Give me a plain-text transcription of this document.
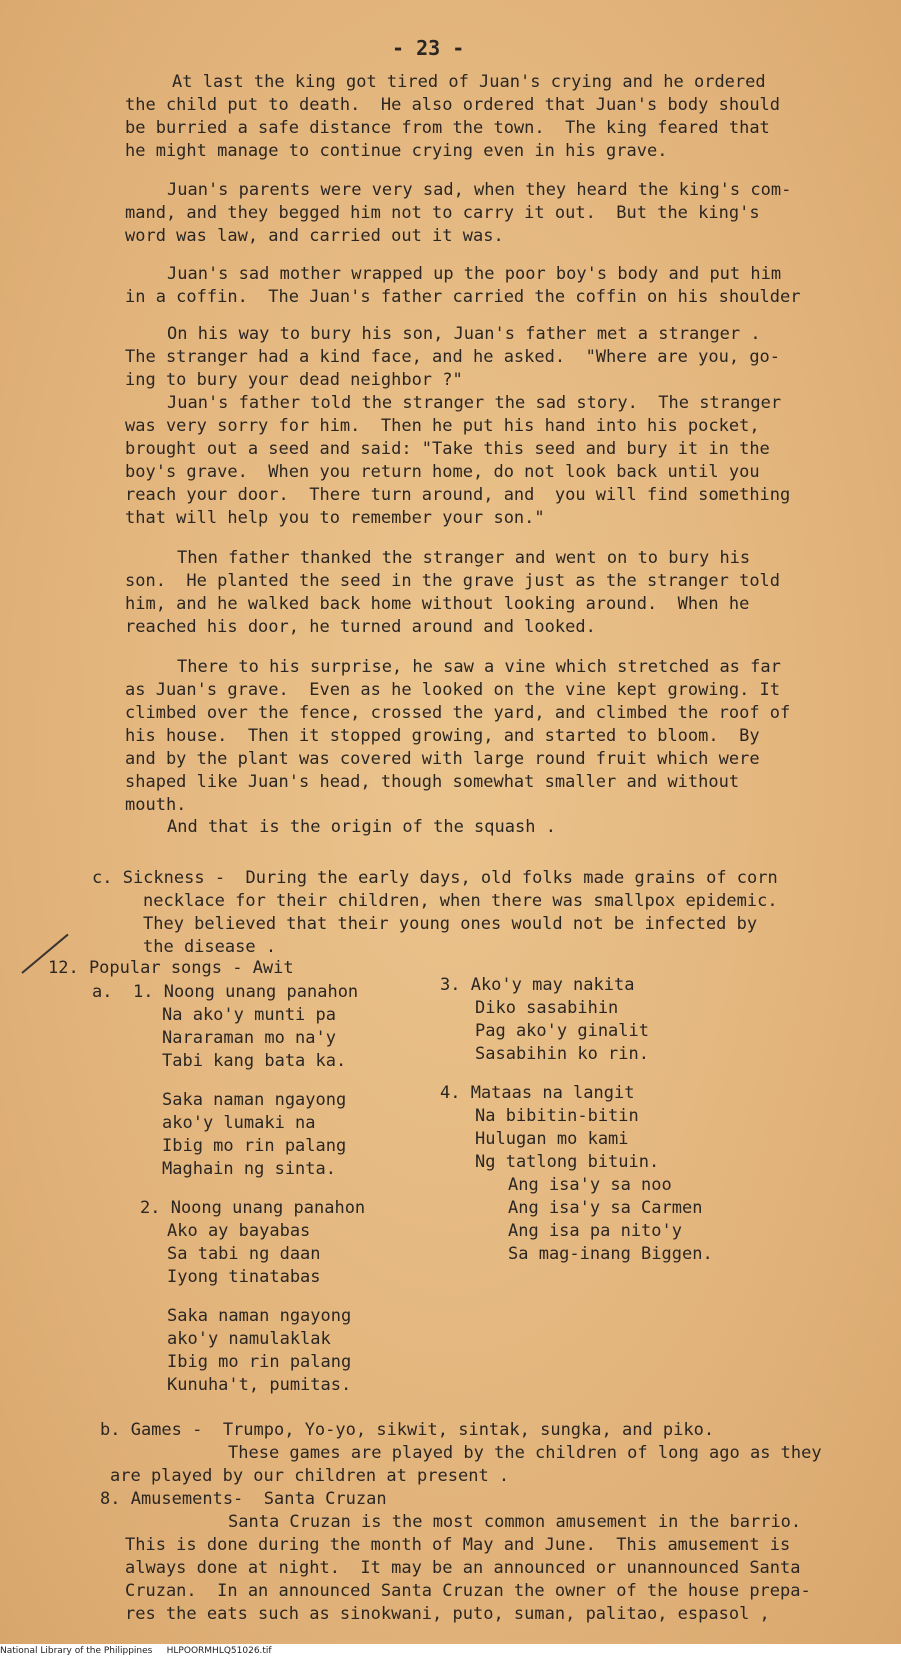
- 23 -
At last the king got tired of Juan's crying and he ordered
the child put to death.  He also ordered that Juan's body should
be burried a safe distance from the town.  The king feared that
he might manage to continue crying even in his grave.
Juan's parents were very sad, when they heard the king's com-
mand, and they begged him not to carry it out.  But the king's
word was law, and carried out it was.
Juan's sad mother wrapped up the poor boy's body and put him
in a coffin.  The Juan's father carried the coffin on his shoulder
On his way to bury his son, Juan's father met a stranger .
The stranger had a kind face, and he asked.  "Where are you, go-
ing to bury your dead neighbor ?"
Juan's father told the stranger the sad story.  The stranger
was very sorry for him.  Then he put his hand into his pocket,
brought out a seed and said: "Take this seed and bury it in the
boy's grave.  When you return home, do not look back until you
reach your door.  There turn around, and  you will find something
that will help you to remember your son."
Then father thanked the stranger and went on to bury his
son.  He planted the seed in the grave just as the stranger told
him, and he walked back home without looking around.  When he
reached his door, he turned around and looked.
There to his surprise, he saw a vine which stretched as far
as Juan's grave.  Even as he looked on the vine kept growing. It
climbed over the fence, crossed the yard, and climbed the roof of
his house.  Then it stopped growing, and started to bloom.  By
and by the plant was covered with large round fruit which were
shaped like Juan's head, though somewhat smaller and without
mouth.
And that is the origin of the squash .
c. Sickness -  During the early days, old folks made grains of corn
necklace for their children, when there was smallpox epidemic.
They believed that their young ones would not be infected by
the disease .
12. Popular songs - Awit
a. 1. Noong unang panahon
Na ako'y munti pa
Nararaman mo na'y
Tabi kang bata ka.
Saka naman ngayong
ako'y lumaki na
Ibig mo rin palang
Maghain ng sinta.
2. Noong unang panahon
Ako ay bayabas
Sa tabi ng daan
Iyong tinatabas
Saka naman ngayong
ako'y namulaklak
Ibig mo rin palang
Kunuha't, pumitas.
3. Ako'y may nakita
Diko sasabihin
Pag ako'y ginalit
Sasabihin ko rin.
4. Mataas na langit
Na bibitin-bitin
Hulugan mo kami
Ng tatlong bituin.
Ang isa'y sa noo
Ang isa'y sa Carmen
Ang isa pa nito'y
Sa mag-inang Biggen.
b. Games -  Trumpo, Yo-yo, sikwit, sintak, sungka, and piko.
These games are played by the children of long ago as they
are played by our children at present .
8. Amusements-  Santa Cruzan
Santa Cruzan is the most common amusement in the barrio.
This is done during the month of May and June.  This amusement is
always done at night.  It may be an announced or unannounced Santa
Cruzan.  In an announced Santa Cruzan the owner of the house prepa-
res the eats such as sinokwani, puto, suman, palitao, espasol ,
National Library of the Philippines     HLPOORMHLQ51026.tif
